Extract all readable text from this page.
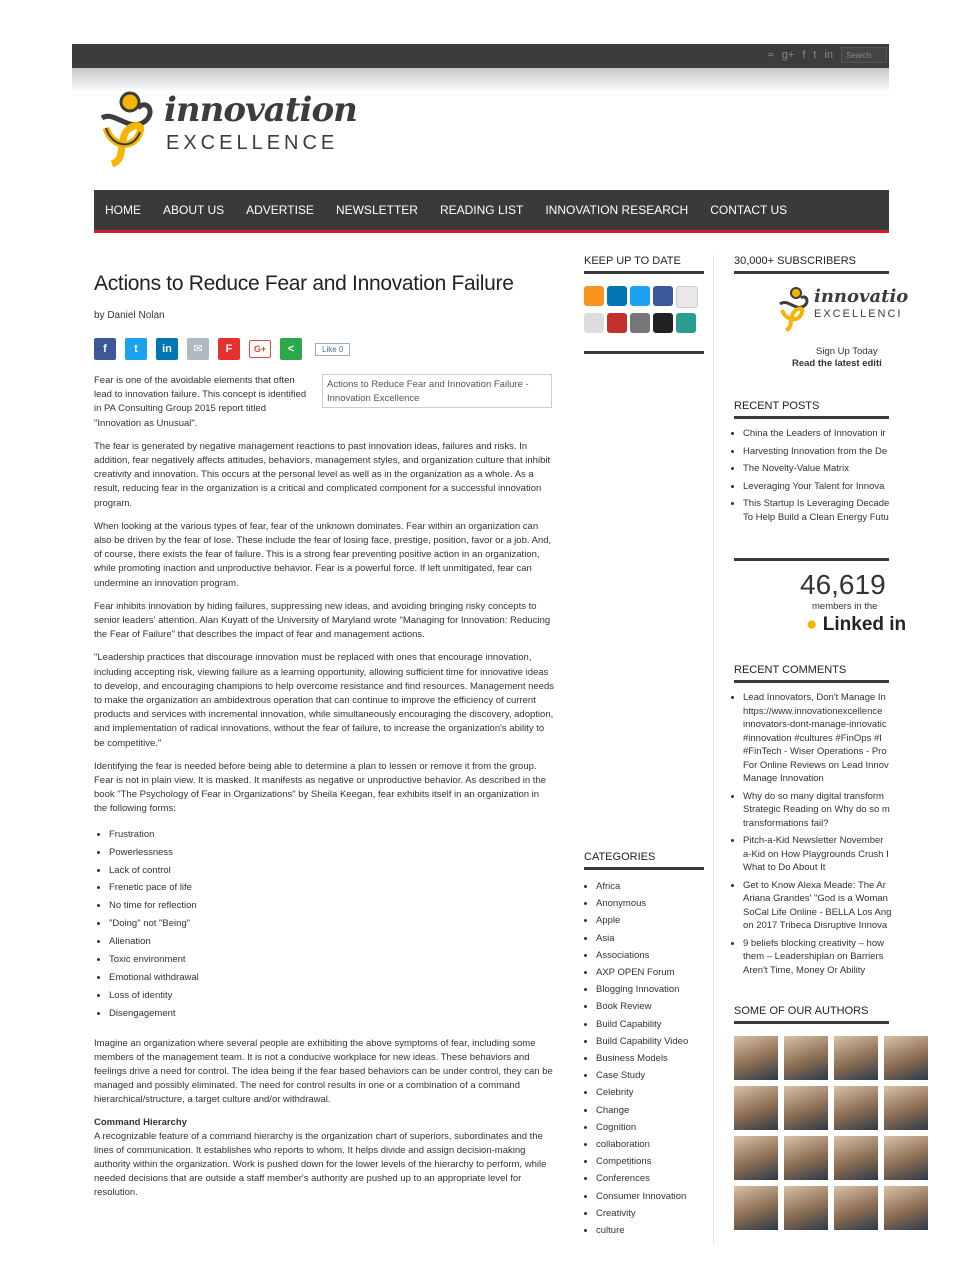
≈ g+ f t in	Search
innovation
EXCELLENCE
HOME	ABOUT US	ADVERTISE	NEWSLETTER	READING LIST	INNOVATION RESEARCH	CONTACT US
Actions to Reduce Fear and Innovation Failure
by Daniel Nolan
f	t	in	✉	F	G+	<	Like 0

Fear is one of the avoidable elements that often lead to innovation failure. This concept is identified in PA Consulting Group 2015 report titled "Innovation as Unusual".

Actions to Reduce Fear and Innovation Failure - Innovation Excellence

The fear is generated by negative management reactions to past innovation ideas, failures and risks. In addition, fear negatively affects attitudes, behaviors, management styles, and organization culture that inhibit creativity and innovation. This occurs at the personal level as well as in the organization as a whole. As a result, reducing fear in the organization is a critical and complicated component for a successful innovation program.

When looking at the various types of fear, fear of the unknown dominates. Fear within an organization can also be driven by the fear of lose. These include the fear of losing face, prestige, position, favor or a job. And, of course, there exists the fear of failure. This is a strong fear preventing positive action in an organization, while promoting inaction and unproductive behavior. Fear is a powerful force. If left unmitigated, fear can undermine an innovation program.

Fear inhibits innovation by hiding failures, suppressing new ideas, and avoiding bringing risky concepts to senior leaders' attention. Alan Kuyatt of the University of Maryland wrote "Managing for Innovation: Reducing the Fear of Failure" that describes the impact of fear and management actions.

"Leadership practices that discourage innovation must be replaced with ones that encourage innovation, including accepting risk, viewing failure as a learning opportunity, allowing sufficient time for innovative ideas to develop, and encouraging champions to help overcome resistance and find resources. Management needs to make the organization an ambidextrous operation that can continue to improve the efficiency of current products and services with incremental innovation, while simultaneously encouraging the discovery, adoption, and implementation of radical innovations, without the fear of failure, to increase the organization's ability to be competitive."

Identifying the fear is needed before being able to determine a plan to lessen or remove it from the group. Fear is not in plain view. It is masked. It manifests as negative or unproductive behavior. As described in the book "The Psychology of Fear in Organizations" by Sheila Keegan, fear exhibits itself in an organization in the following forms:

• Frustration
• Powerlessness
• Lack of control
• Frenetic pace of life
• No time for reflection
• "Doing" not "Being"
• Alienation
• Toxic environment
• Emotional withdrawal
• Loss of identity
• Disengagement

Imagine an organization where several people are exhibiting the above symptoms of fear, including some members of the management team. It is not a conducive workplace for new ideas. These behaviors and feelings drive a need for control. The idea being if the fear based behaviors can be under control, they can be managed and possibly eliminated. The need for control results in one or a combination of a command hierarchical/structure, a target culture and/or withdrawal.

Command Hierarchy

A recognizable feature of a command hierarchy is the organization chart of superiors, subordinates and the lines of communication. It establishes who reports to whom. It helps divide and assign decision-making authority within the organization. Work is pushed down for the lower levels of the hierarchy to perform, while needed decisions that are outside a staff member's authority are pushed up to an appropriate level for resolution.

KEEP UP TO DATE
CATEGORIES
• Africa
• Anonymous
• Apple
• Asia
• Associations
• AXP OPEN Forum
• Blogging Innovation
• Book Review
• Build Capability
• Build Capability Video
• Business Models
• Case Study
• Celebrity
• Change
• Cognition
• collaboration
• Competitions
• Conferences
• Consumer Innovation
• Creativity
• culture
30,000+ SUBSCRIBERS
innovatio
EXCELLENCI
Sign Up Today
Read the latest editi
RECENT POSTS
• China the Leaders of Innovation ir
• Harvesting Innovation from the De
• The Novelty-Value Matrix
• Leveraging Your Talent for Innova
• This Startup Is Leveraging Decade
To Help Build a Clean Energy Futu
46,619
members in the
● Linked in
RECENT COMMENTS
• Lead Innovators, Don't Manage In
https://www.innovationexcellence
innovators-dont-manage-innovatic
#innovation #cultures #FinOps #I
#FinTech - Wiser Operations - Pro
For Online Reviews on Lead Innov
Manage Innovation
• Why do so many digital transform
Strategic Reading on Why do so m
transformations fail?
• Pitch-a-Kid Newsletter November
a-Kid on How Playgrounds Crush I
What to Do About It
• Get to Know Alexa Meade: The Ar
Ariana Grandes' "God is a Woman
SoCal Life Online - BELLA Los Ang
on 2017 Tribeca Disruptive Innova
• 9 beliefs blocking creativity – how
them – Leadershiplan on Barriers
Aren't Time, Money Or Ability
SOME OF OUR AUTHORS
